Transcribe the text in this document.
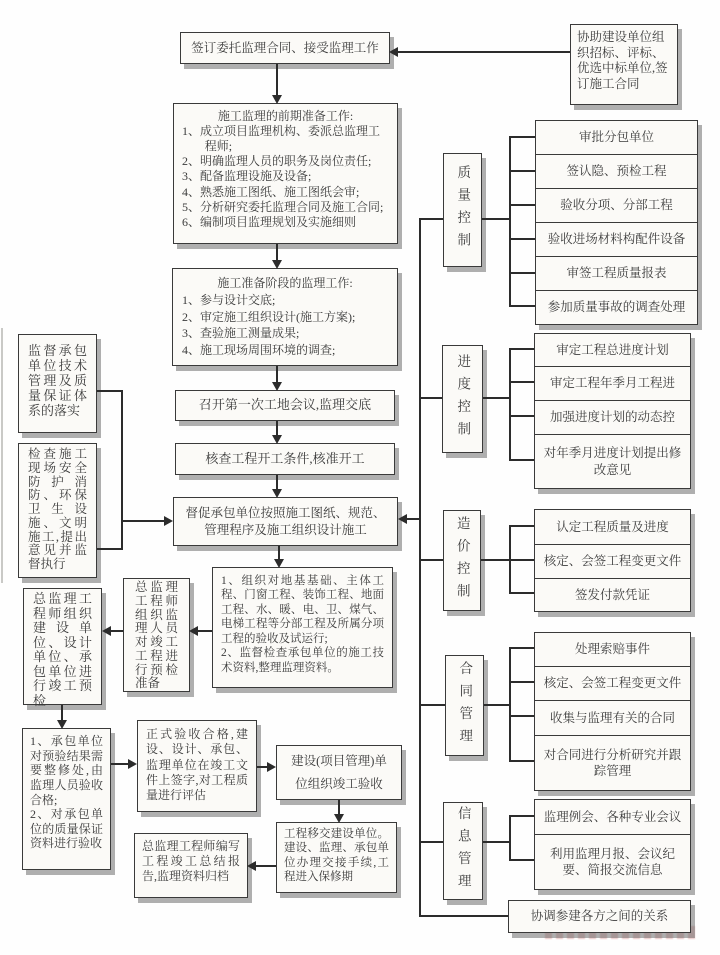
签订委托监理合同、接受监理工作
协助建设单位组织招标、评标、优选中标单位,签订施工合同
施工监理的前期准备工作:
1、成立项目监理机构、委派总监理工程师;
2、明确监理人员的职务及岗位责任;
3、配备监理设施及设备;
4、熟悉施工图纸、施工图纸会审;
5、分析研究委托监理合同及施工合同;
6、编制项目监理规划及实施细则
施工准备阶段的监理工作:
1、参与设计交底;
2、审定施工组织设计(施工方案);
3、查验施工测量成果;
4、施工现场周围环境的调查;
召开第一次工地会议,监理交底
核查工程开工条件,核准开工
督促承包单位按照施工图纸、规范、管理程序及施工组织设计施工
1、组织对地基基础、主体工程、门窗工程、装饰工程、地面工程、水、暖、电、卫、煤气、电梯工程等分部工程及所属分项工程的验收及试运行;
2、监督检查承包单位的施工技术资料,整理监理资料。
监督承包单位技术管理及质量保证体系的落实
检查施工现场安全防护消防、环保卫生设施、文明施工,提出意见并监督执行
总监理工程师组织监理人员对竣工工程进行预检准备
总监理工程师组织建设单位、设计单位、承包单位进行竣工预检
1、承包单位对预验结果需要整修处,由监理人员验收合格;
2、对承包单位的质量保证资料进行验收
正式验收合格,建设、设计、承包、监理单位在竣工文件上签字,对工程质量进行评估
建设(项目管理)单位组织竣工验收
工程移交建设单位。建设、监理、承包单位办理交接手续,工程进入保修期
总监理工程师编写工程竣工总结报告,监理资料归档
质量控制
进度控制
造价控制
合同管理
信息管理
审批分包单位
签认隐、预检工程
验收分项、分部工程
验收进场材料构配件设备
审签工程质量报表
参加质量事故的调查处理
审定工程总进度计划
审定工程年季月工程进
加强进度计划的动态控
对年季月进度计划提出修改意见
认定工程质量及进度
核定、会签工程变更文件
签发付款凭证
处理索赔事件
核定、会签工程变更文件
收集与监理有关的合同
对合同进行分析研究并跟踪管理
监理例会、各种专业会议
利用监理月报、会议纪要、简报交流信息
协调参建各方之间的关系
